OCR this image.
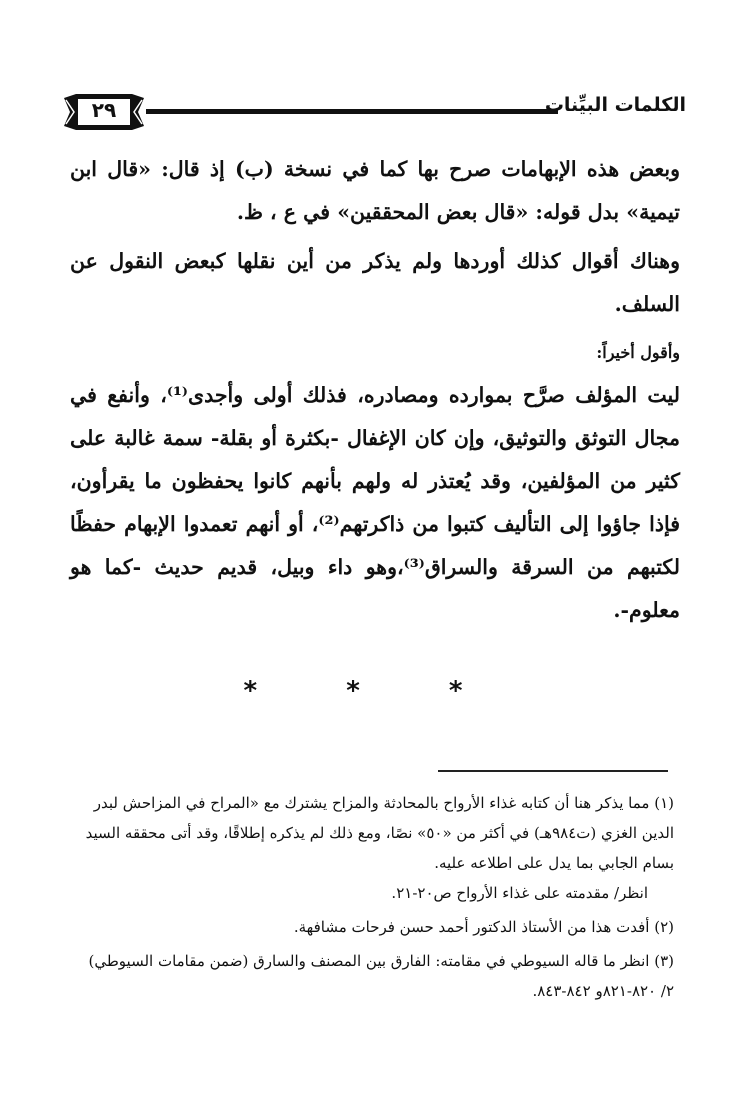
٢٩	الكلمات البيِّنات

وبعض هذه الإبهامات صرح بها كما في نسخة (ب) إذ قال: «قال ابن تيمية» بدل قوله: «قال بعض المحققين» في ع ، ظ.

وهناك أقوال كذلك أوردها ولم يذكر من أين نقلها كبعض النقول عن السلف.

وأقول أخيراً:

ليت المؤلف صرَّح بموارده ومصادره، فذلك أولى وأجدى⁽¹⁾، وأنفع في مجال التوثق والتوثيق، وإن كان الإغفال -بكثرة أو بقلة- سمة غالبة على كثير من المؤلفين، وقد يُعتذر له ولهم بأنهم كانوا يحفظون ما يقرأون، فإذا جاؤوا إلى التأليف كتبوا من ذاكرتهم⁽²⁾، أو أنهم تعمدوا الإبهام حفظًا لكتبهم من السرقة والسراق⁽³⁾،وهو داء وبيل، قديم حديث -كما هو معلوم-.

* * *

(١) مما يذكر هنا أن كتابه غذاء الأرواح بالمحادثة والمزاح يشترك مع «المراح في المزاحش لبدر الدين الغزي (ت٩٨٤هـ) في أكثر من «٥٠» نصًا، ومع ذلك لم يذكره إطلاقًا، وقد أتى محققه السيد بسام الجابي بما يدل على اطلاعه عليه.
انظر/ مقدمته على غذاء الأرواح ص٢٠-٢١.

(٢) أفدت هذا من الأستاذ الدكتور أحمد حسن فرحات مشافهة.

(٣) انظر ما قاله السيوطي في مقامته: الفارق بين المصنف والسارق (ضمن مقامات السيوطي) ٢/ ٨٢٠-٨٢١و ٨٤٢-٨٤٣.
